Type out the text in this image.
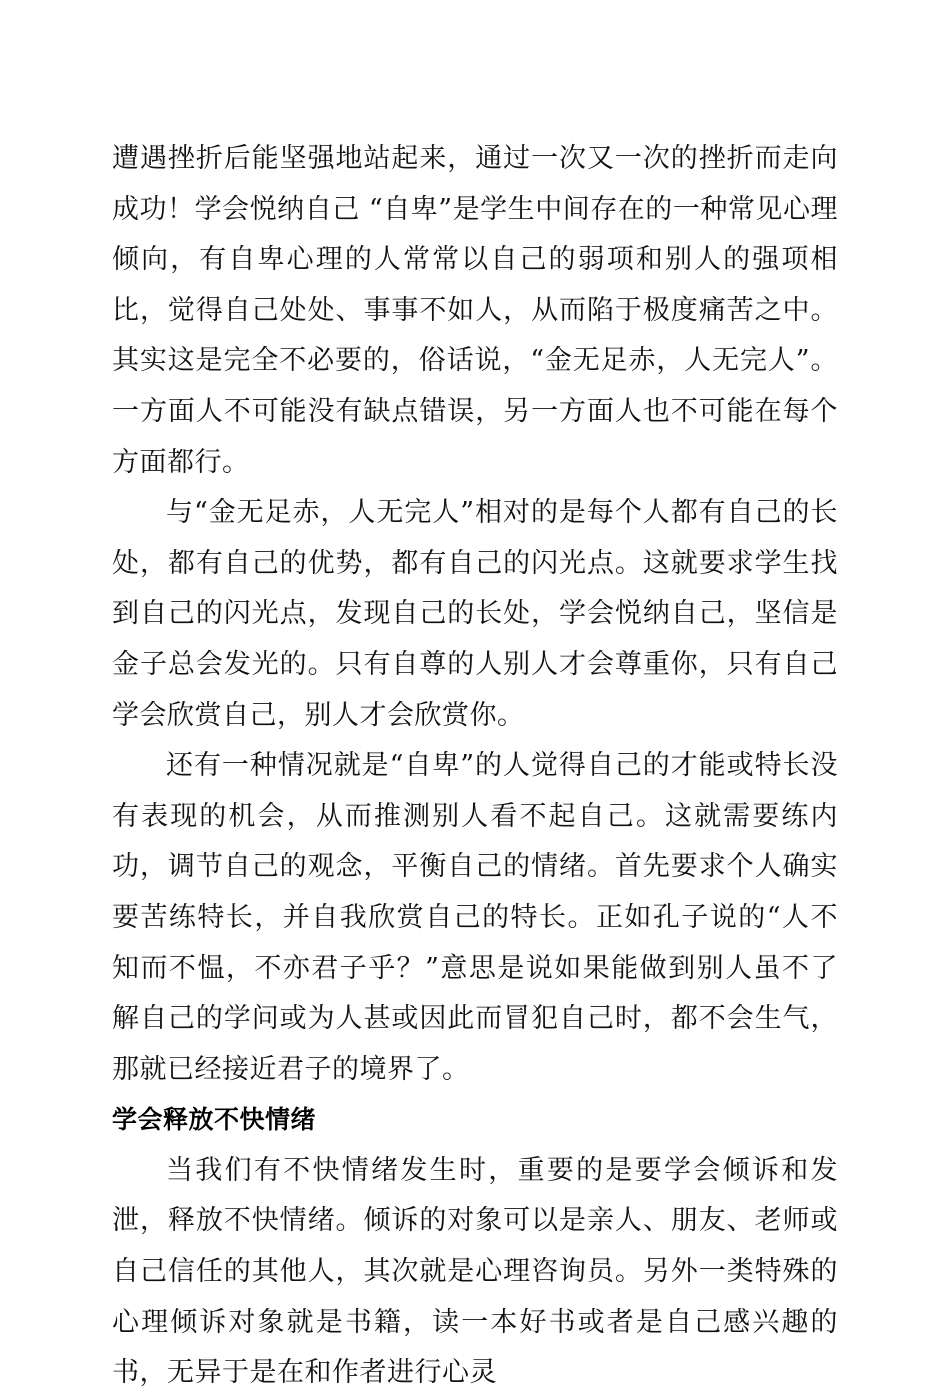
遭遇挫折后能坚强地站起来，通过一次又一次的挫折而走向成功！学会悦纳自己 “自卑”是学生中间存在的一种常见心理倾向，有自卑心理的人常常以自己的弱项和别人的强项相比，觉得自己处处、事事不如人，从而陷于极度痛苦之中。其实这是完全不必要的，俗话说，“金无足赤，人无完人”。一方面人不可能没有缺点错误，另一方面人也不可能在每个方面都行。

与“金无足赤，人无完人”相对的是每个人都有自己的长处，都有自己的优势，都有自己的闪光点。这就要求学生找到自己的闪光点，发现自己的长处，学会悦纳自己，坚信是金子总会发光的。只有自尊的人别人才会尊重你，只有自己学会欣赏自己，别人才会欣赏你。

还有一种情况就是“自卑”的人觉得自己的才能或特长没有表现的机会，从而推测别人看不起自己。这就需要练内功，调节自己的观念，平衡自己的情绪。首先要求个人确实要苦练特长，并自我欣赏自己的特长。正如孔子说的“人不知而不愠，不亦君子乎？”意思是说如果能做到别人虽不了解自己的学问或为人甚或因此而冒犯自己时，都不会生气，那就已经接近君子的境界了。

学会释放不快情绪

当我们有不快情绪发生时，重要的是要学会倾诉和发泄，释放不快情绪。倾诉的对象可以是亲人、朋友、老师或自己信任的其他人，其次就是心理咨询员。另外一类特殊的心理倾诉对象就是书籍，读一本好书或者是自己感兴趣的书，无异于是在和作者进行心灵
